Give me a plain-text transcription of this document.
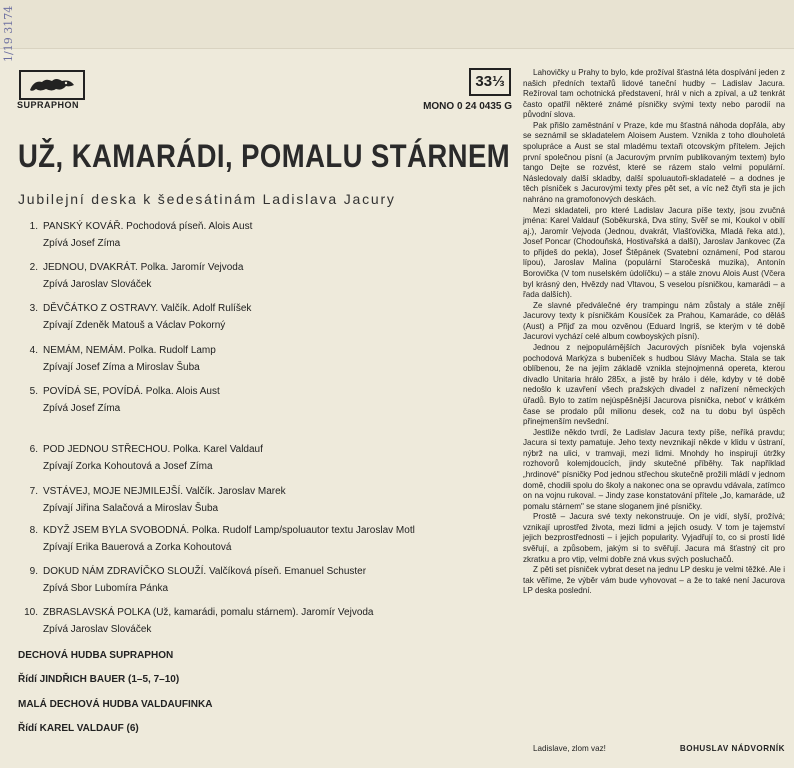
SUPRAPHON
33⅓
MONO 0 24 0435 G
UŽ, KAMARÁDI, POMALU STÁRNEM
Jubilejní deska k šedesátinám Ladislava Jacury
1. PANSKÝ KOVÁŘ. Pochodová píseň. Alois Aust
Zpívá Josef Zíma
2. JEDNOU, DVAKRÁT. Polka. Jaromír Vejvoda
Zpívá Jaroslav Slováček
3. DĚVČÁTKO Z OSTRAVY. Valčík. Adolf Rulíšek
Zpívají Zdeněk Matouš a Václav Pokorný
4. NEMÁM, NEMÁM. Polka. Rudolf Lamp
Zpívají Josef Zíma a Miroslav Šuba
5. POVÍDÁ SE, POVÍDÁ. Polka. Alois Aust
Zpívá Josef Zíma
6. POD JEDNOU STŘECHOU. Polka. Karel Valdauf
Zpívají Zorka Kohoutová a Josef Zíma
7. VSTÁVEJ, MOJE NEJMILEJŠÍ. Valčík. Jaroslav Marek
Zpívají Jiřina Salačová a Miroslav Šuba
8. KDYŽ JSEM BYLA SVOBODNÁ. Polka. Rudolf Lamp/spoluautor textu Jaroslav Motl
Zpívají Erika Bauerová a Zorka Kohoutová
9. DOKUD NÁM ZDRAVÍČKO SLOUŽÍ. Valčíková píseň. Emanuel Schuster
Zpívá Sbor Lubomíra Pánka
10. ZBRASLAVSKÁ POLKA (Už, kamarádi, pomalu stárnem). Jaromír Vejvoda
Zpívá Jaroslav Slováček
DECHOVÁ HUDBA SUPRAPHON
Řídí JINDŘICH BAUER (1–5, 7–10)
MALÁ DECHOVÁ HUDBA VALDAUFINKA
Řídí KAREL VALDAUF (6)

Lahovičky u Prahy to bylo, kde prožíval šťastná léta dospívání jeden z našich předních textařů lidové taneční hudby – Ladislav Jacura. Režíroval tam ochotnická představení, hrál v nich a zpíval, a už tenkrát často opatřil některé známé písničky svými texty nebo parodií na původní slova.

Pak přišlo zaměstnání v Praze, kde mu šťastná náhoda dopřála, aby se seznámil se skladatelem Aloisem Austem. Vznikla z toho dlouholetá spolupráce a Aust se stal mladému textaři otcovským přítelem. Jejich první společnou písní (a Jacurovým prvním publikovaným textem) bylo tango Dejte se rozvést, které se rázem stalo velmi populární. Následovaly další skladby, další spoluautoři-skladatelé – a dodnes je těch písniček s Jacurovými texty přes pět set, a víc než čtyři sta je jich nahráno na gramofonových deskách.

Mezi skladateli, pro které Ladislav Jacura píše texty, jsou zvučná jména: Karel Valdauf (Soběkurská, Dva stíny, Svěř se mi, Koukol v obilí aj.), Jaromír Vejvoda (Jednou, dvakrát, Vlašťovička, Mladá řeka atd.), Josef Poncar (Chodouňská, Hostivařská a další), Jaroslav Jankovec (Za to přijdeš do pekla), Josef Štěpánek (Svatební oznámení, Pod starou lípou), Jaroslav Malina (populární Staročeská muzika), Antonín Borovička (V tom nuselském údolíčku) – a stále znovu Alois Aust (Včera byl krásný den, Hvězdy nad Vltavou, S veselou písničkou, kamarádi – a řada dalších).

Ze slavné předválečné éry trampingu nám zůstaly a stále znějí Jacurovy texty k písničkám Kousíček za Prahou, Kamaráde, co děláš (Aust) a Přijď za mou ozvěnou (Eduard Ingriš, se kterým v té době Jacurovi vychází celé album cowboyských písní).

Jednou z nejpopulárnějších Jacurových písniček byla vojenská pochodová Markýza s bubeníček s hudbou Slávy Macha. Stala se tak oblíbenou, že na jejím základě vznikla stejnojmenná opereta, kterou divadlo Unitaria hrálo 285x, a jistě by hrálo i déle, kdyby v té době nedošlo k uzavření všech pražských divadel z nařízení německých úřadů. Bylo to zatím nejúspěšnější Jacurova písnička, neboť v krátkém čase se prodalo půl milionu desek, což na tu dobu byl úspěch přinejmenším nevšední.

Jestliže někdo tvrdí, že Ladislav Jacura texty píše, neříká pravdu; Jacura si texty pamatuje. Jeho texty nevznikají někde v klidu v ústraní, nýbrž na ulici, v tramvaji, mezi lidmi. Mnohdy ho inspirují útržky rozhovorů kolemjdoucích, jindy skutečné příběhy. Tak například „hrdinové" písničky Pod jednou střechou skutečně prožili mládí v jednom domě, chodili spolu do školy a nakonec ona se opravdu vdávala, zatímco on na vojnu rukoval. – Jindy zase konstatování přítele „Jo, kamaráde, už pomalu stárnem" se stane sloganem jiné písničky.

Prostě – Jacura své texty nekonstruuje. On je vidí, slyší, prožívá; vznikají uprostřed života, mezi lidmi a jejich osudy. V tom je tajemství jejich bezprostřednosti – i jejich popularity. Vyjadřují to, co si prostí lidé svěřují, a způsobem, jakým si to svěřují. Jacura má šťastný cit pro zkratku a pro vtip, velmi dobře zná vkus svých posluchačů.

Z pěti set písniček vybrat deset na jednu LP desku je velmi těžké. Ale i tak věříme, že výběr vám bude vyhovovat – a že to také není Jacurova LP deska poslední.

Ladislave, zlom vaz!	BOHUSLAV NÁDVORNÍK
